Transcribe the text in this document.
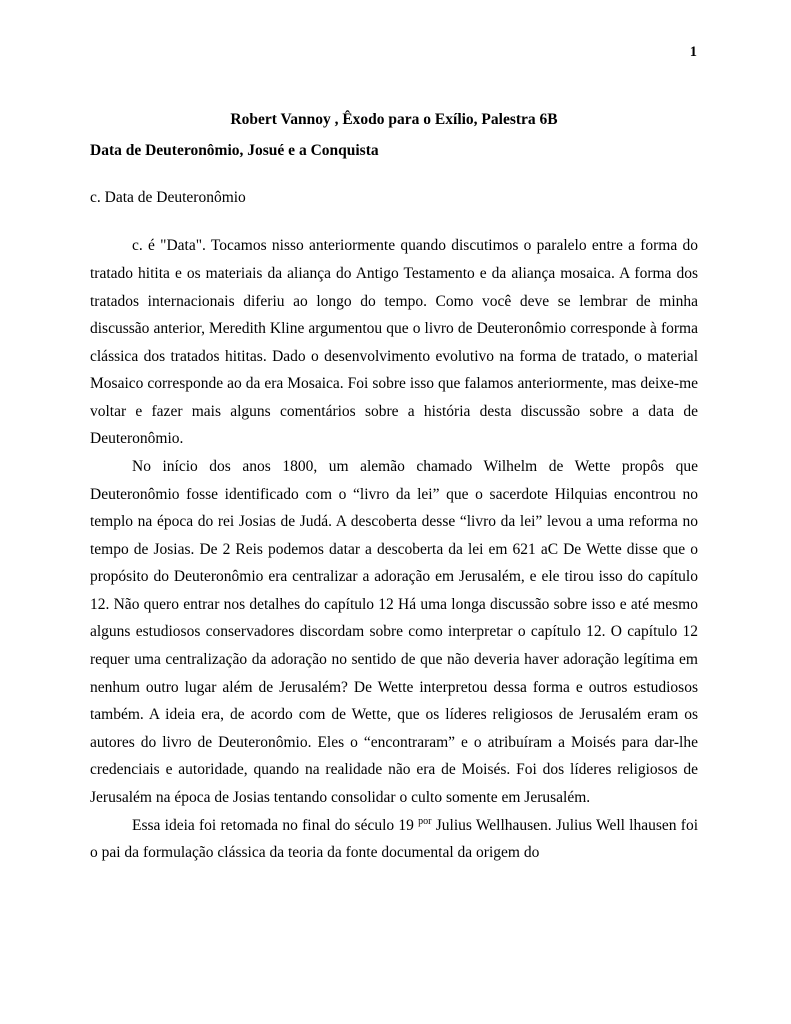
1
Robert Vannoy , Êxodo para o Exílio, Palestra 6B
Data de Deuteronômio, Josué e a Conquista
c. Data de Deuteronômio

c. é "Data". Tocamos nisso anteriormente quando discutimos o paralelo entre a forma do tratado hitita e os materiais da aliança do Antigo Testamento e da aliança mosaica. A forma dos tratados internacionais diferiu ao longo do tempo. Como você deve se lembrar de minha discussão anterior, Meredith Kline argumentou que o livro de Deuteronômio corresponde à forma clássica dos tratados hititas. Dado o desenvolvimento evolutivo na forma de tratado, o material Mosaico corresponde ao da era Mosaica. Foi sobre isso que falamos anteriormente, mas deixe-me voltar e fazer mais alguns comentários sobre a história desta discussão sobre a data de Deuteronômio.

No início dos anos 1800, um alemão chamado Wilhelm de Wette propôs que Deuteronômio fosse identificado com o “livro da lei” que o sacerdote Hilquias encontrou no templo na época do rei Josias de Judá. A descoberta desse “livro da lei” levou a uma reforma no tempo de Josias. De 2 Reis podemos datar a descoberta da lei em 621 aC De Wette disse que o propósito do Deuteronômio era centralizar a adoração em Jerusalém, e ele tirou isso do capítulo 12. Não quero entrar nos detalhes do capítulo 12 Há uma longa discussão sobre isso e até mesmo alguns estudiosos conservadores discordam sobre como interpretar o capítulo 12. O capítulo 12 requer uma centralização da adoração no sentido de que não deveria haver adoração legítima em nenhum outro lugar além de Jerusalém? De Wette interpretou dessa forma e outros estudiosos também. A ideia era, de acordo com de Wette, que os líderes religiosos de Jerusalém eram os autores do livro de Deuteronômio. Eles o “encontraram” e o atribuíram a Moisés para dar-lhe credenciais e autoridade, quando na realidade não era de Moisés. Foi dos líderes religiosos de Jerusalém na época de Josias tentando consolidar o culto somente em Jerusalém.

Essa ideia foi retomada no final do século 19 $^{por}$ Julius Wellhausen. Julius Well lhausen foi o pai da formulação clássica da teoria da fonte documental da origem do
